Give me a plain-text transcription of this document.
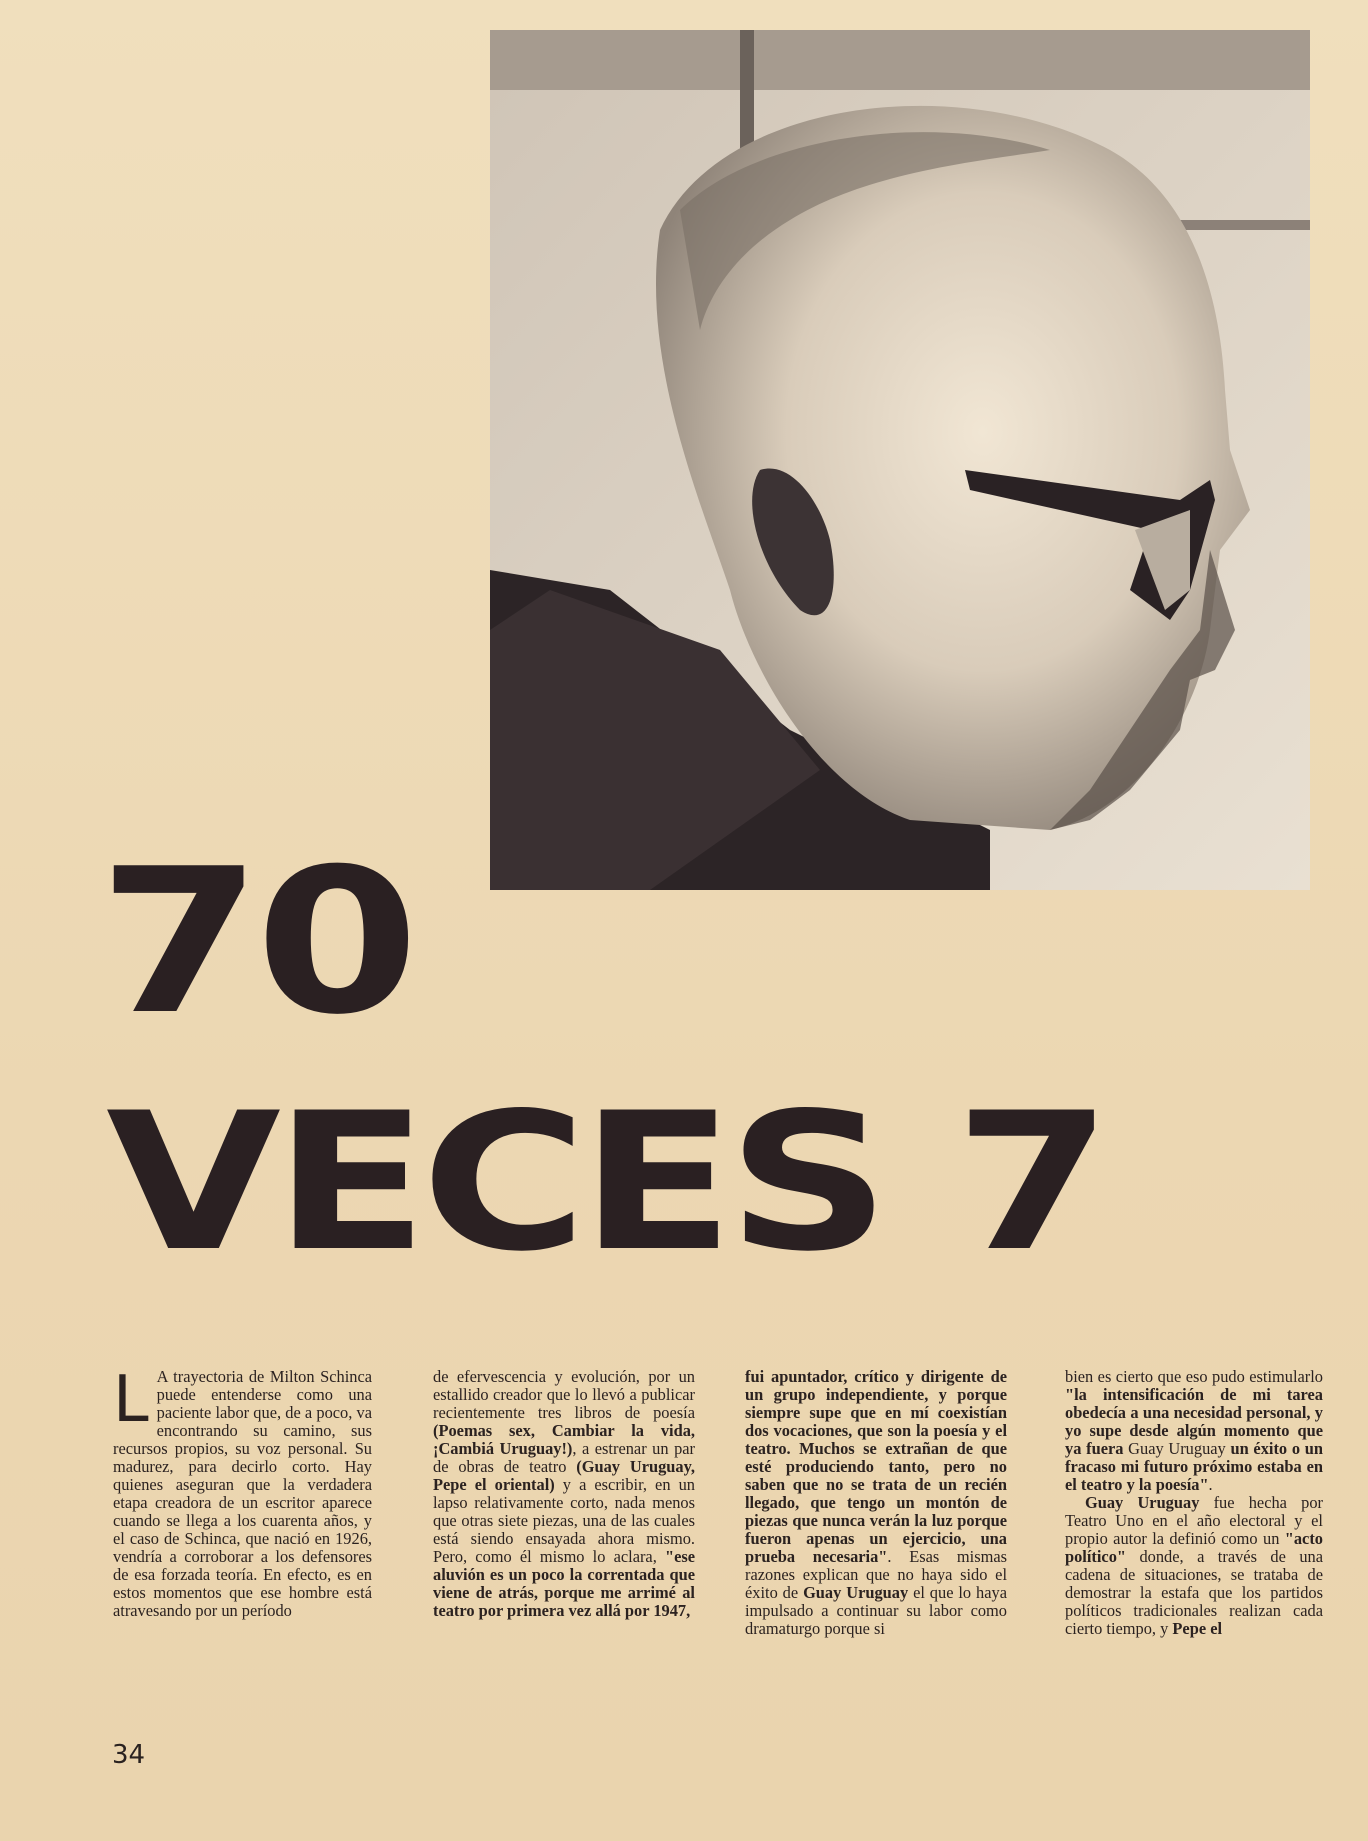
70
VECES 7

L A trayectoria de Milton Schinca puede entenderse como una paciente labor que, de a poco, va encontrando su camino, sus recursos propios, su voz personal. Su madurez, para decirlo corto. Hay quienes aseguran que la verdadera etapa creadora de un escritor aparece cuando se llega a los cuarenta años, y el caso de Schinca, que nació en 1926, vendría a corroborar a los defensores de esa forzada teoría. En efecto, es en estos momentos que ese hombre está atravesando por un período

de efervescencia y evolución, por un estallido creador que lo llevó a publicar recientemente tres libros de poesía (Poemas sex, Cambiar la vida, ¡Cambiá Uruguay!), a estrenar un par de obras de teatro (Guay Uruguay, Pepe el oriental) y a escribir, en un lapso relativamente corto, nada menos que otras siete piezas, una de las cuales está siendo ensayada ahora mismo. Pero, como él mismo lo aclara, "ese aluvión es un poco la correntada que viene de atrás, porque me arrimé al teatro por primera vez allá por 1947,

fui apuntador, crítico y dirigente de un grupo independiente, y porque siempre supe que en mí coexistían dos vocaciones, que son la poesía y el teatro. Muchos se extrañan de que esté produciendo tanto, pero no saben que no se trata de un recién llegado, que tengo un montón de piezas que nunca verán la luz porque fueron apenas un ejercicio, una prueba necesaria". Esas mismas razones explican que no haya sido el éxito de Guay Uruguay el que lo haya impulsado a continuar su labor como dramaturgo porque si

bien es cierto que eso pudo estimularlo "la intensificación de mi tarea obedecía a una necesidad personal, y yo supe desde algún momento que ya fuera Guay Uruguay un éxito o un fracaso mi futuro próximo estaba en el teatro y la poesía".

Guay Uruguay fue hecha por Teatro Uno en el año electoral y el propio autor la definió como un "acto político" donde, a través de una cadena de situaciones, se trataba de demostrar la estafa que los partidos políticos tradicionales realizan cada cierto tiempo, y Pepe el

34
